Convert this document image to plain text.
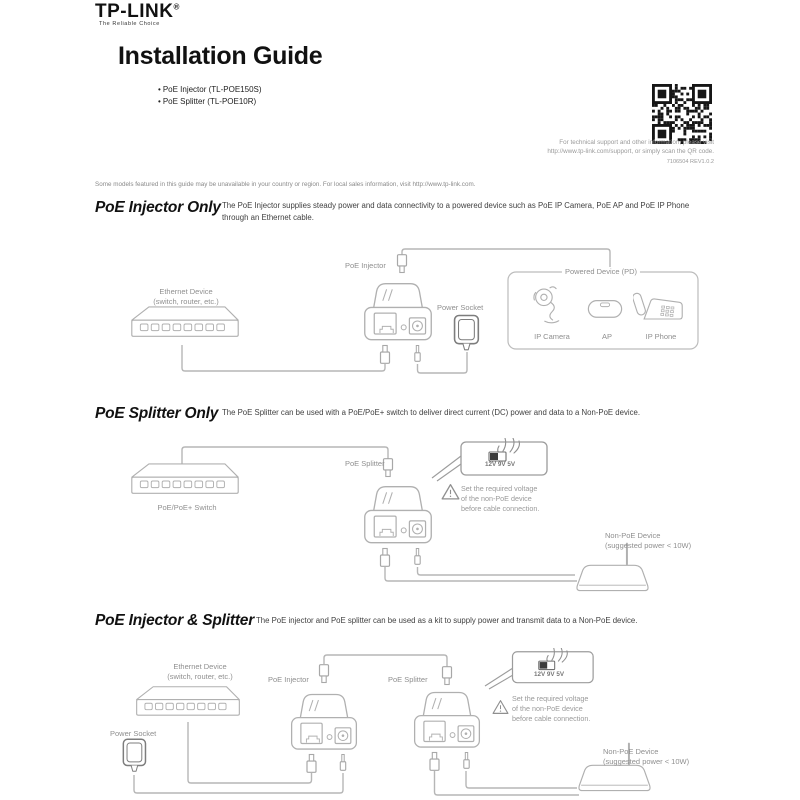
TP-LINK®
The Reliable Choice
Installation Guide
• PoE Injector (TL-POE150S)
• PoE Splitter (TL-POE10R)
For technical support and other information, please visit
http://www.tp-link.com/support, or simply scan the QR code.
7106504 REV1.0.2
Some models featured in this guide may be unavailable in your country or region. For local sales information, visit http://www.tp-link.com.
PoE Injector Only The PoE Injector supplies steady power and data connectivity to a powered device such as PoE IP Camera, PoE AP and PoE IP Phone through an Ethernet cable.
Ethernet Device
(switch, router, etc.)
PoE Injector
Power Socket
Powered Device (PD)
IP Camera	AP	IP Phone
PoE Splitter Only The PoE Splitter can be used with a PoE/PoE+ switch to deliver direct current (DC) power and data to a Non-PoE device.
PoE/PoE+ Switch
PoE Splitter	12V 9V 5V
Set the required voltage
of the non-PoE device
before cable connection.
Non-PoE Device
(suggested power < 10W)
PoE Injector & Splitter The PoE injector and PoE splitter can be used as a kit to supply power and transmit data to a Non-PoE device.
Ethernet Device
(switch, router, etc.)
Power Socket
PoE Injector	PoE Splitter
12V 9V 5V
Set the required voltage
of the non-PoE device
before cable connection.
Non-PoE Device
(suggested power < 10W)
